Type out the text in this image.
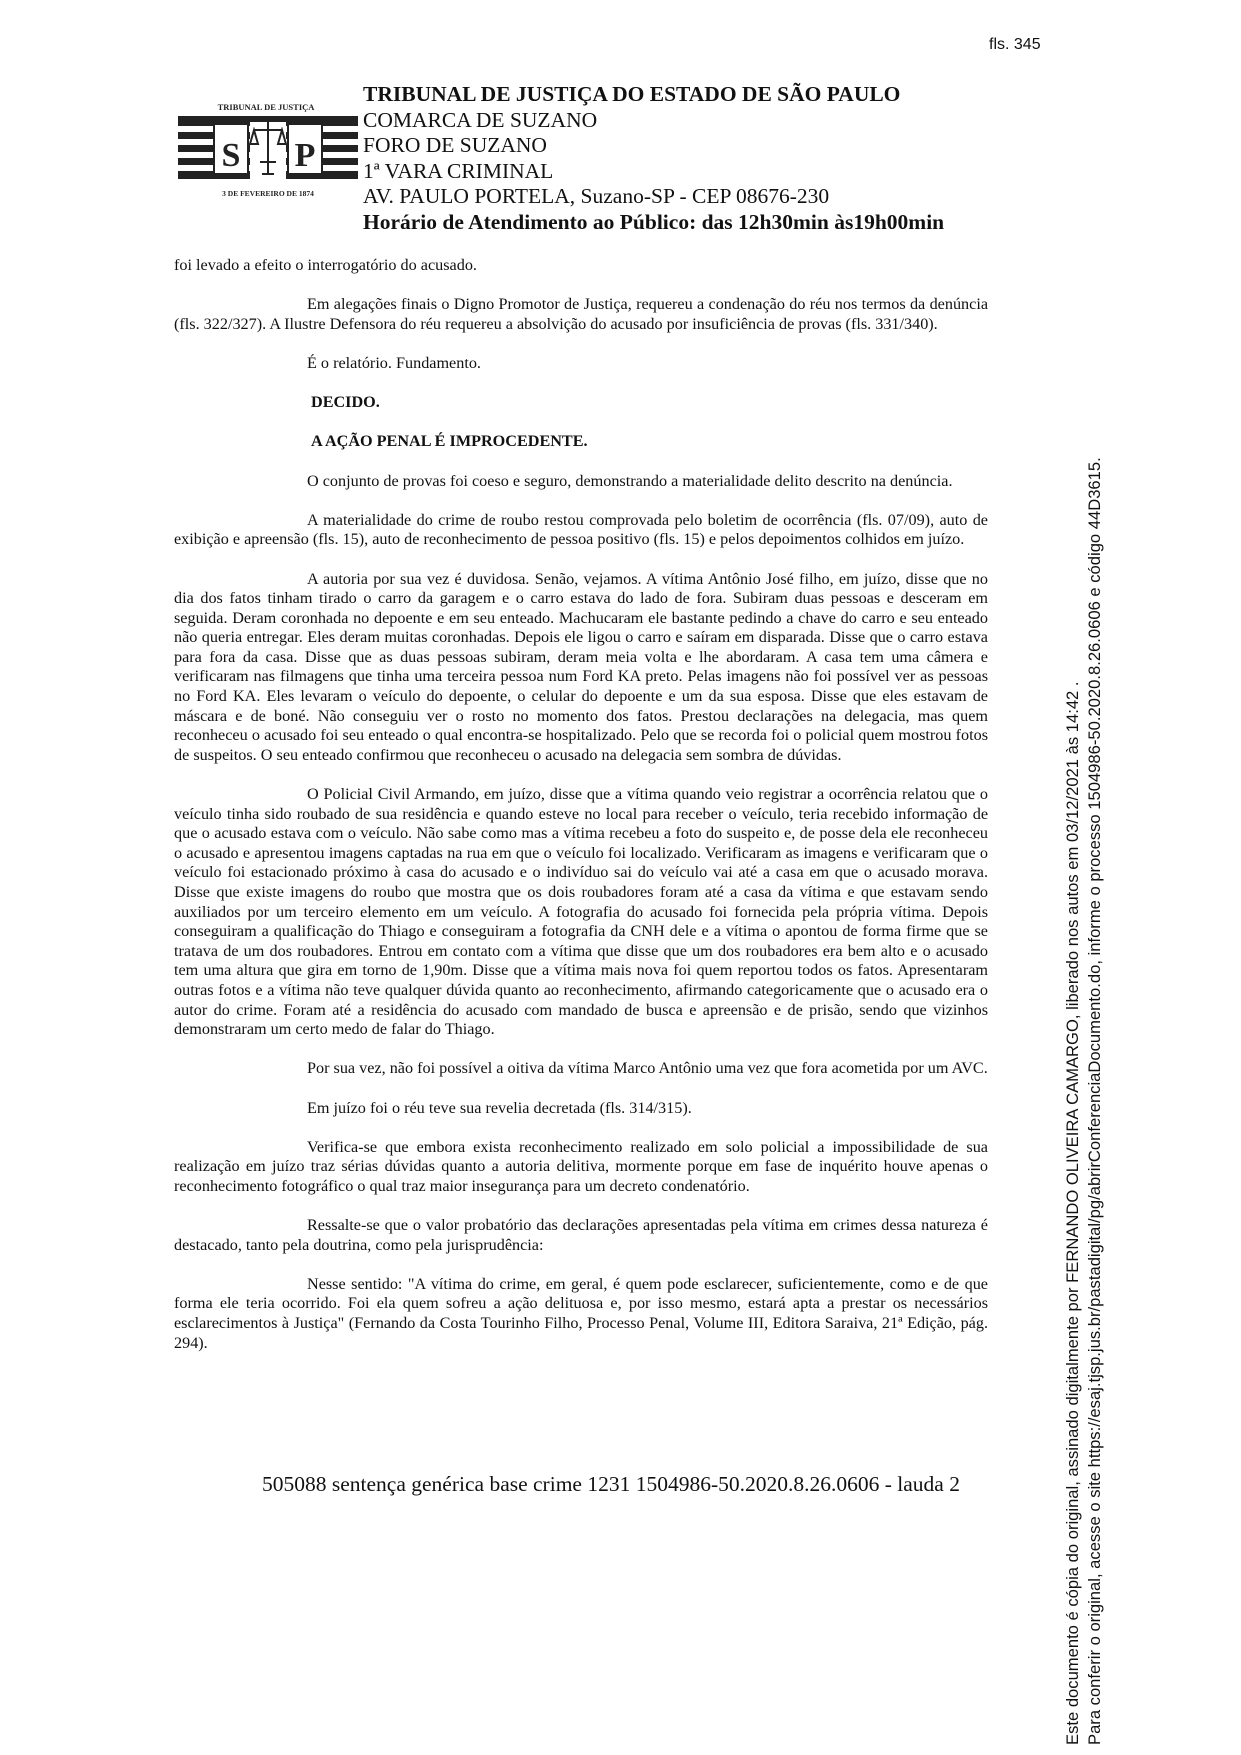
fls. 345
TRIBUNAL DE JUSTIÇA
S P
3 DE FEVEREIRO DE 1874
TRIBUNAL DE JUSTIÇA DO ESTADO DE SÃO PAULO
COMARCA DE SUZANO
FORO DE SUZANO
1ª VARA CRIMINAL
AV. PAULO PORTELA, Suzano-SP - CEP 08676-230
Horário de Atendimento ao Público: das 12h30min às19h00min

foi levado a efeito o interrogatório do acusado.

Em alegações finais o Digno Promotor de Justiça, requereu a condenação do réu nos termos da denúncia (fls. 322/327). A Ilustre Defensora do réu requereu a absolvição do acusado por insuficiência de provas (fls. 331/340).

É o relatório. Fundamento.

DECIDO.

A AÇÃO PENAL É IMPROCEDENTE.

O conjunto de provas foi coeso e seguro, demonstrando a materialidade delito descrito na denúncia.

A materialidade do crime de roubo restou comprovada pelo boletim de ocorrência (fls. 07/09), auto de exibição e apreensão (fls. 15), auto de reconhecimento de pessoa positivo (fls. 15) e pelos depoimentos colhidos em juízo.

A autoria por sua vez é duvidosa. Senão, vejamos. A vítima Antônio José filho, em juízo, disse que no dia dos fatos tinham tirado o carro da garagem e o carro estava do lado de fora. Subiram duas pessoas e desceram em seguida. Deram coronhada no depoente e em seu enteado. Machucaram ele bastante pedindo a chave do carro e seu enteado não queria entregar. Eles deram muitas coronhadas. Depois ele ligou o carro e saíram em disparada. Disse que o carro estava para fora da casa. Disse que as duas pessoas subiram, deram meia volta e lhe abordaram. A casa tem uma câmera e verificaram nas filmagens que tinha uma terceira pessoa num Ford KA preto. Pelas imagens não foi possível ver as pessoas no Ford KA. Eles levaram o veículo do depoente, o celular do depoente e um da sua esposa. Disse que eles estavam de máscara e de boné. Não conseguiu ver o rosto no momento dos fatos. Prestou declarações na delegacia, mas quem reconheceu o acusado foi seu enteado o qual encontra-se hospitalizado. Pelo que se recorda foi o policial quem mostrou fotos de suspeitos. O seu enteado confirmou que reconheceu o acusado na delegacia sem sombra de dúvidas.

O Policial Civil Armando, em juízo, disse que a vítima quando veio registrar a ocorrência relatou que o veículo tinha sido roubado de sua residência e quando esteve no local para receber o veículo, teria recebido informação de que o acusado estava com o veículo. Não sabe como mas a vítima recebeu a foto do suspeito e, de posse dela ele reconheceu o acusado e apresentou imagens captadas na rua em que o veículo foi localizado. Verificaram as imagens e verificaram que o veículo foi estacionado próximo à casa do acusado e o indivíduo sai do veículo vai até a casa em que o acusado morava. Disse que existe imagens do roubo que mostra que os dois roubadores foram até a casa da vítima e que estavam sendo auxiliados por um terceiro elemento em um veículo. A fotografia do acusado foi fornecida pela própria vítima. Depois conseguiram a qualificação do Thiago e conseguiram a fotografia da CNH dele e a vítima o apontou de forma firme que se tratava de um dos roubadores. Entrou em contato com a vítima que disse que um dos roubadores era bem alto e o acusado tem uma altura que gira em torno de 1,90m. Disse que a vítima mais nova foi quem reportou todos os fatos. Apresentaram outras fotos e a vítima não teve qualquer dúvida quanto ao reconhecimento, afirmando categoricamente que o acusado era o autor do crime. Foram até a residência do acusado com mandado de busca e apreensão e de prisão, sendo que vizinhos demonstraram um certo medo de falar do Thiago.

Por sua vez, não foi possível a oitiva da vítima Marco Antônio uma vez que fora acometida por um AVC.

Em juízo foi o réu teve sua revelia decretada (fls. 314/315).

Verifica-se que embora exista reconhecimento realizado em solo policial a impossibilidade de sua realização em juízo traz sérias dúvidas quanto a autoria delitiva, mormente porque em fase de inquérito houve apenas o reconhecimento fotográfico o qual traz maior insegurança para um decreto condenatório.

Ressalte-se que o valor probatório das declarações apresentadas pela vítima em crimes dessa natureza é destacado, tanto pela doutrina, como pela jurisprudência:

Nesse sentido: "A vítima do crime, em geral, é quem pode esclarecer, suficientemente, como e de que forma ele teria ocorrido. Foi ela quem sofreu a ação delituosa e, por isso mesmo, estará apta a prestar os necessários esclarecimentos à Justiça" (Fernando da Costa Tourinho Filho, Processo Penal, Volume III, Editora Saraiva, 21ª Edição, pág. 294).

505088 sentença genérica base crime 1231 1504986-50.2020.8.26.0606 - lauda 2	Este documento é cópia do original, assinado digitalmente por FERNANDO OLIVEIRA CAMARGO, liberado nos autos em 03/12/2021 às 14:42 . Para conferir o original, acesse o site https://esaj.tjsp.jus.br/pastadigital/pg/abrirConferenciaDocumento.do, informe o processo 1504986-50.2020.8.26.0606 e código 44D3615.
